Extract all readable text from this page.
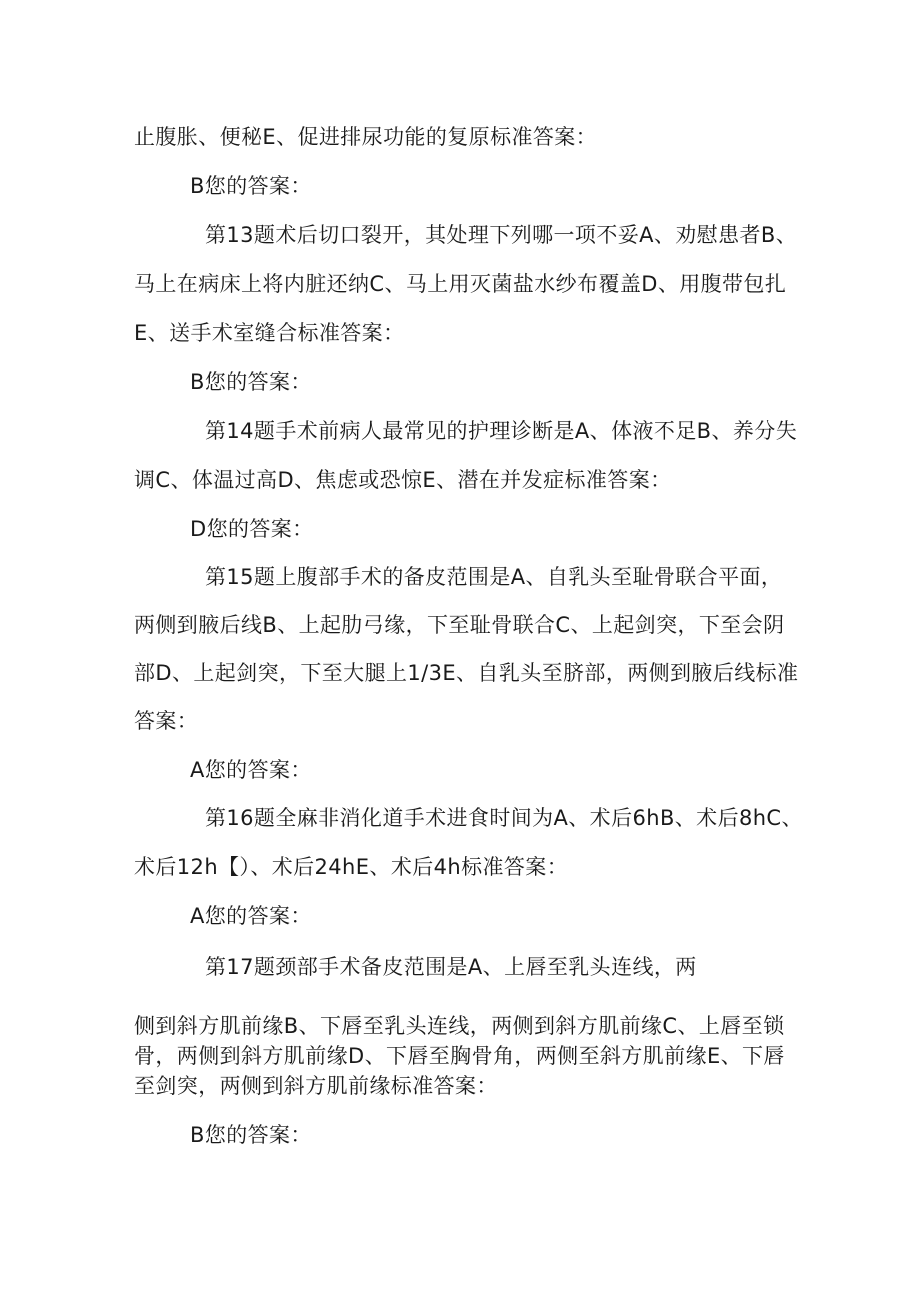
止腹胀、便秘E、促进排尿功能的复原标准答案：
B您的答案：
第13题术后切口裂开，其处理下列哪一项不妥A、劝慰患者B、
马上在病床上将内脏还纳C、马上用灭菌盐水纱布覆盖D、用腹带包扎
E、送手术室缝合标准答案：
B您的答案：
第14题手术前病人最常见的护理诊断是A、体液不足B、养分失
调C、体温过高D、焦虑或恐惊E、潜在并发症标准答案：
D您的答案：
第15题上腹部手术的备皮范围是A、自乳头至耻骨联合平面，
两侧到腋后线B、上起肋弓缘，下至耻骨联合C、上起剑突，下至会阴
部D、上起剑突，下至大腿上1/3E、自乳头至脐部，两侧到腋后线标准
答案：
A您的答案：
第16题全麻非消化道手术进食时间为A、术后6hB、术后8hC、
术后12h【）、术后24hE、术后4h标准答案：
A您的答案：
第17题颈部手术备皮范围是A、上唇至乳头连线，两
侧到斜方肌前缘B、下唇至乳头连线，两侧到斜方肌前缘C、上唇至锁
骨，两侧到斜方肌前缘D、下唇至胸骨角，两侧至斜方肌前缘E、下唇
至剑突，两侧到斜方肌前缘标准答案：
B您的答案：
